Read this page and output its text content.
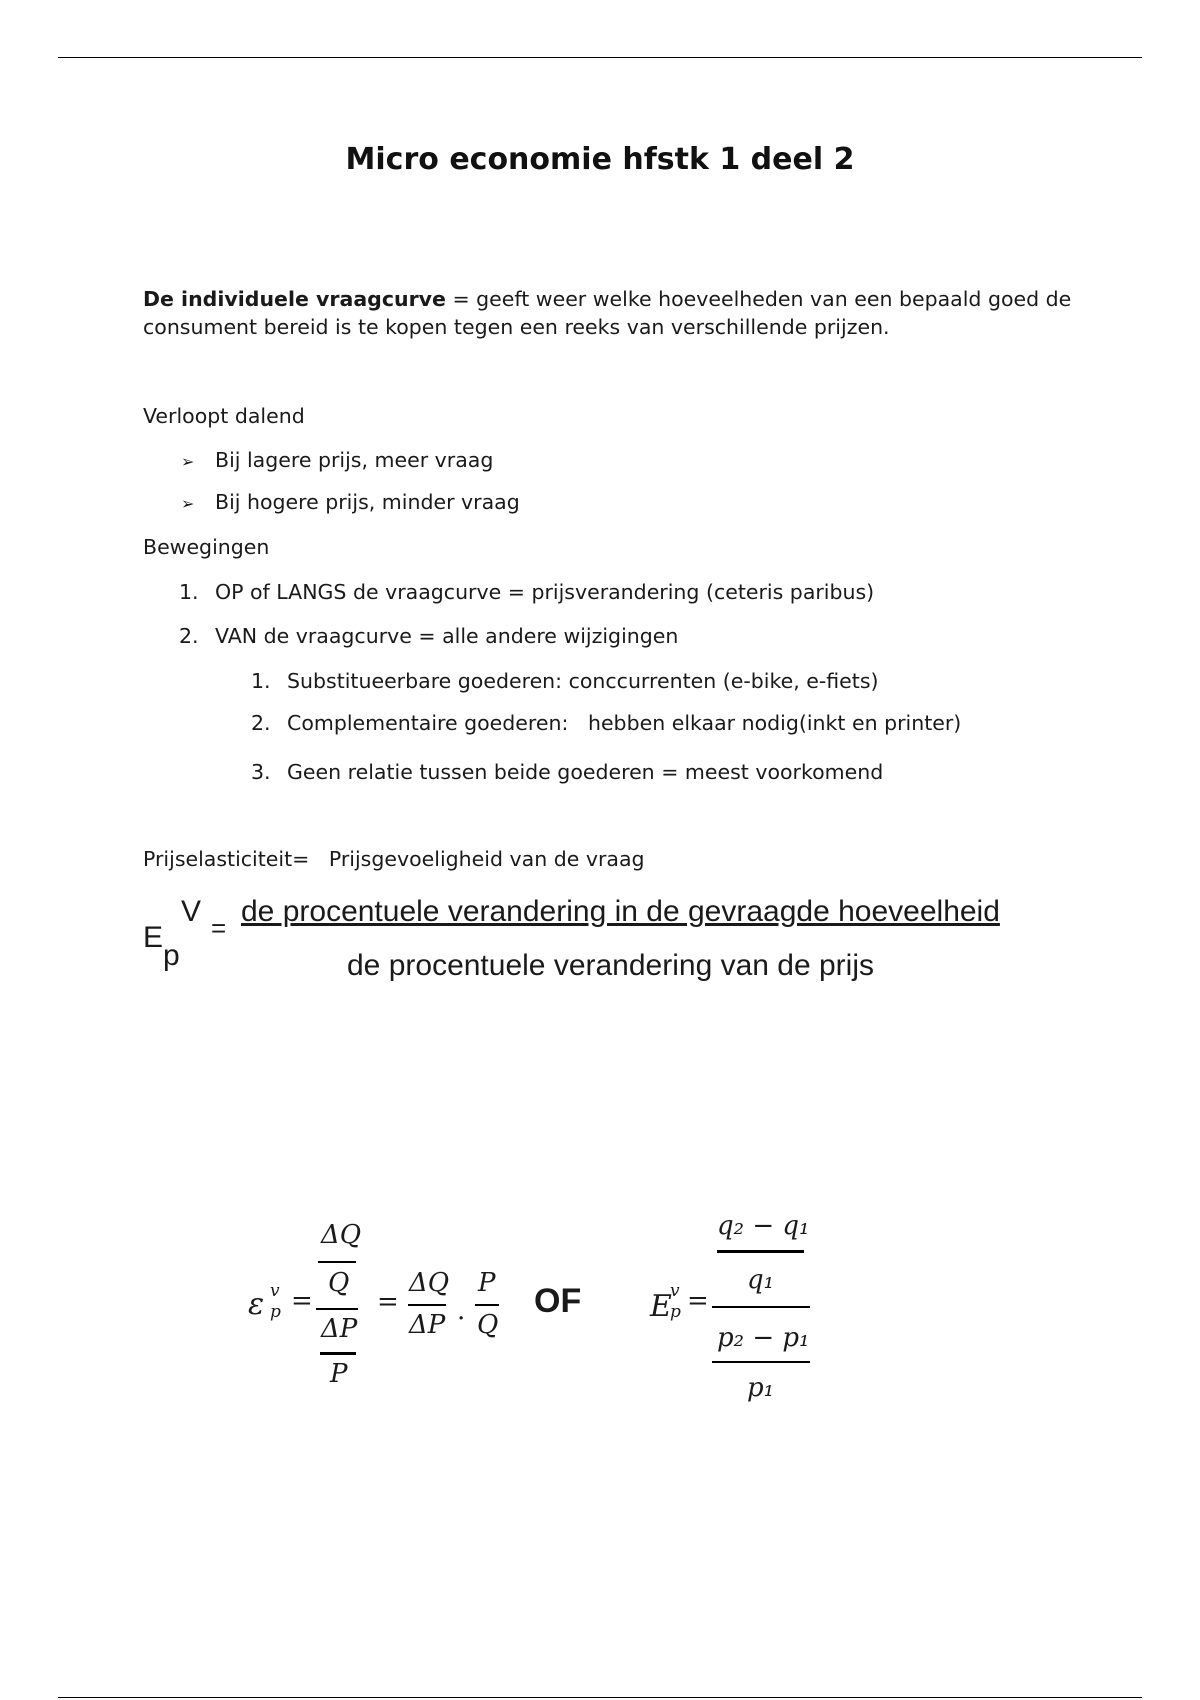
Micro economie hfstk 1 deel 2
De individuele vraagcurve = geeft weer welke hoeveelheden van een bepaald goed de consument bereid is te kopen tegen een reeks van verschillende prijzen.
Verloopt dalend
➢ Bij lagere prijs, meer vraag
➢ Bij hogere prijs, minder vraag
Bewegingen
1. OP of LANGS de vraagcurve = prijsverandering (ceteris paribus)
2. VAN de vraagcurve = alle andere wijzigingen
1. Substitueerbare goederen: conccurrenten (e-bike, e-fiets)
2. Complementaire goederen:   hebben elkaar nodig(inkt en printer)
3. Geen relatie tussen beide goederen = meest voorkomend
Prijselasticiteit=   Prijsgevoeligheid van de vraag
E
p
V = de procentuele verandering in de gevraagde hoeveelheid
de procentuele verandering van de prijs
ε v
p =
ΔQ
Q
ΔP
P
=
ΔQ
ΔP .
P
Q
OF E
v
p =
q₂ − q₁
q₁
p₂ − p₁
p₁
